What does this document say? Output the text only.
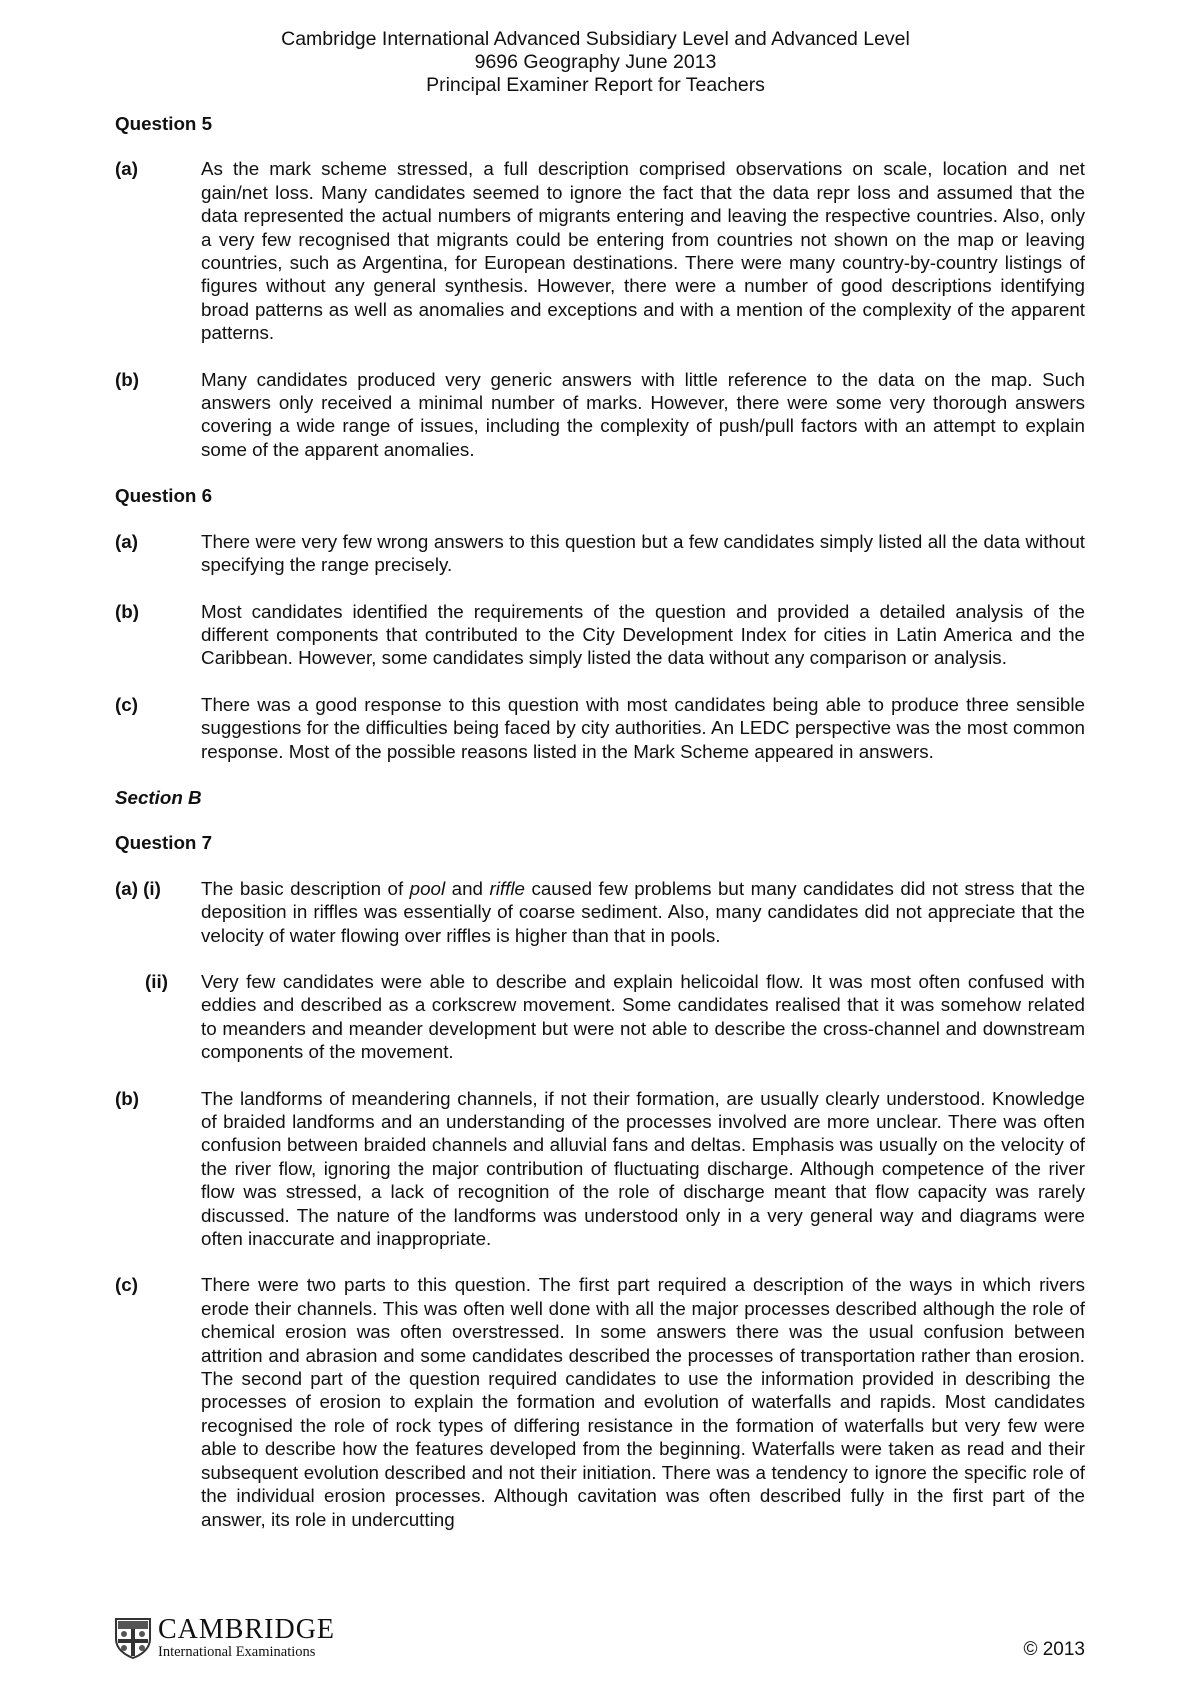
Cambridge International Advanced Subsidiary Level and Advanced Level
9696 Geography June 2013
Principal Examiner Report for Teachers
Question 5
(a)	As the mark scheme stressed, a full description comprised observations on scale, location and net gain/net loss. Many candidates seemed to ignore the fact that the data repr loss and assumed that the data represented the actual numbers of migrants entering and leaving the respective countries. Also, only a very few recognised that migrants could be entering from countries not shown on the map or leaving countries, such as Argentina, for European destinations. There were many country-by-country listings of figures without any general synthesis. However, there were a number of good descriptions identifying broad patterns as well as anomalies and exceptions and with a mention of the complexity of the apparent patterns.
(b)	Many candidates produced very generic answers with little reference to the data on the map. Such answers only received a minimal number of marks. However, there were some very thorough answers covering a wide range of issues, including the complexity of push/pull factors with an attempt to explain some of the apparent anomalies.
Question 6
(a)	There were very few wrong answers to this question but a few candidates simply listed all the data without specifying the range precisely.
(b)	Most candidates identified the requirements of the question and provided a detailed analysis of the different components that contributed to the City Development Index for cities in Latin America and the Caribbean. However, some candidates simply listed the data without any comparison or analysis.
(c)	There was a good response to this question with most candidates being able to produce three sensible suggestions for the difficulties being faced by city authorities. An LEDC perspective was the most common response. Most of the possible reasons listed in the Mark Scheme appeared in answers.
Section B
Question 7
(a) (i)	The basic description of pool and riffle caused few problems but many candidates did not stress that the deposition in riffles was essentially of coarse sediment. Also, many candidates did not appreciate that the velocity of water flowing over riffles is higher than that in pools.
(ii)	Very few candidates were able to describe and explain helicoidal flow. It was most often confused with eddies and described as a corkscrew movement. Some candidates realised that it was somehow related to meanders and meander development but were not able to describe the cross-channel and downstream components of the movement.
(b)	The landforms of meandering channels, if not their formation, are usually clearly understood. Knowledge of braided landforms and an understanding of the processes involved are more unclear. There was often confusion between braided channels and alluvial fans and deltas. Emphasis was usually on the velocity of the river flow, ignoring the major contribution of fluctuating discharge. Although competence of the river flow was stressed, a lack of recognition of the role of discharge meant that flow capacity was rarely discussed. The nature of the landforms was understood only in a very general way and diagrams were often inaccurate and inappropriate.
(c)	There were two parts to this question. The first part required a description of the ways in which rivers erode their channels. This was often well done with all the major processes described although the role of chemical erosion was often overstressed. In some answers there was the usual confusion between attrition and abrasion and some candidates described the processes of transportation rather than erosion. The second part of the question required candidates to use the information provided in describing the processes of erosion to explain the formation and evolution of waterfalls and rapids. Most candidates recognised the role of rock types of differing resistance in the formation of waterfalls but very few were able to describe how the features developed from the beginning. Waterfalls were taken as read and their subsequent evolution described and not their initiation. There was a tendency to ignore the specific role of the individual erosion processes. Although cavitation was often described fully in the first part of the answer, its role in undercutting
CAMBRIDGE
International Examinations	© 2013
